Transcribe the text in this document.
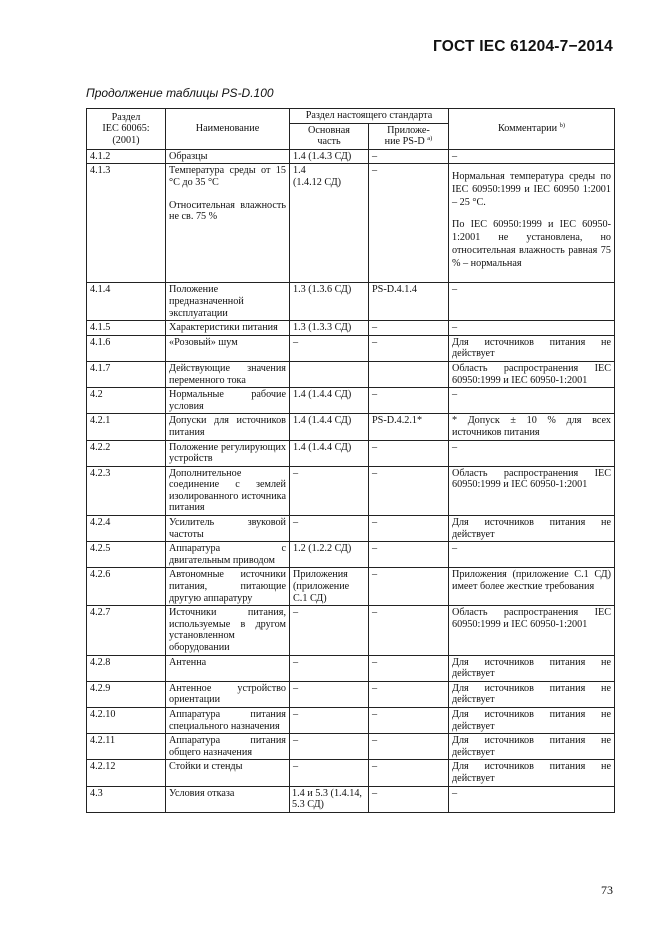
ГОСТ IEC 61204-7−2014
Продолжение таблицы PS-D.100
Раздел
IEC 60065:
(2001)	Наименование	Раздел настоящего стандарта		Комментарии $^{b)}$
		Основная
часть	Приложе-
ние PS-D $^{а)}$
4.1.2	Образцы	1.4 (1.4.3 СД)	–	–
4.1.3	Температура среды от 15 °С до 35 °С
Относительная влажность не св. 75 %	1.4
(1.4.12 СД)	–	Нормальная температура среды по IEC 60950:1999 и IEC 60950 1:2001 – 25 °С.
По IEC 60950:1999 и IEC 60950-1:2001 не установлена, но относительная влажность равная 75 % – нормальная
4.1.4	Положение предназначенной эксплуатации	1.3 (1.3.6 СД)	PS-D.4.1.4	–
4.1.5	Характеристики питания	1.3 (1.3.3 СД)	–	–
4.1.6	«Розовый» шум	–	–	Для источников питания не действует
4.1.7	Действующие значения переменного тока			Область распространения IEC 60950:1999 и IEC 60950-1:2001
4.2	Нормальные рабочие условия	1.4 (1.4.4 СД)	–	–
4.2.1	Допуски для источников питания	1.4 (1.4.4 СД)	PS-D.4.2.1*	* Допуск ± 10 % для всех источников питания
4.2.2	Положение регулирующих устройств	1.4 (1.4.4 СД)	–	–
4.2.3	Дополнительное соединение с землей изолированного источника питания	–	–	Область распространения IEC 60950:1999 и IEC 60950-1:2001
4.2.4	Усилитель звуковой частоты	–	–	Для источников питания не действует
4.2.5	Аппаратура с двигательным приводом	1.2 (1.2.2 СД)	–	–
4.2.6	Автономные источники питания, питающие другую аппаратуру	Приложения (приложение С.1 СД)	–	Приложения (приложение С.1 СД) имеет более жесткие требования
4.2.7	Источники питания, используемые в другом установленном оборудовании	–	–	Область распространения IEC 60950:1999 и IEC 60950-1:2001
4.2.8	Антенна	–	–	Для источников питания не действует
4.2.9	Антенное устройство ориентации	–	–	Для источников питания не действует
4.2.10	Аппаратура питания специального назначения	–	–	Для источников питания не действует
4.2.11	Аппаратура питания общего назначения	–	–	Для источников питания не действует
4.2.12	Стойки и стенды	–	–	Для источников питания не действует
4.3	Условия отказа	1.4 и 5.3 (1.4.14, 5.3 СД)	–	–
73
